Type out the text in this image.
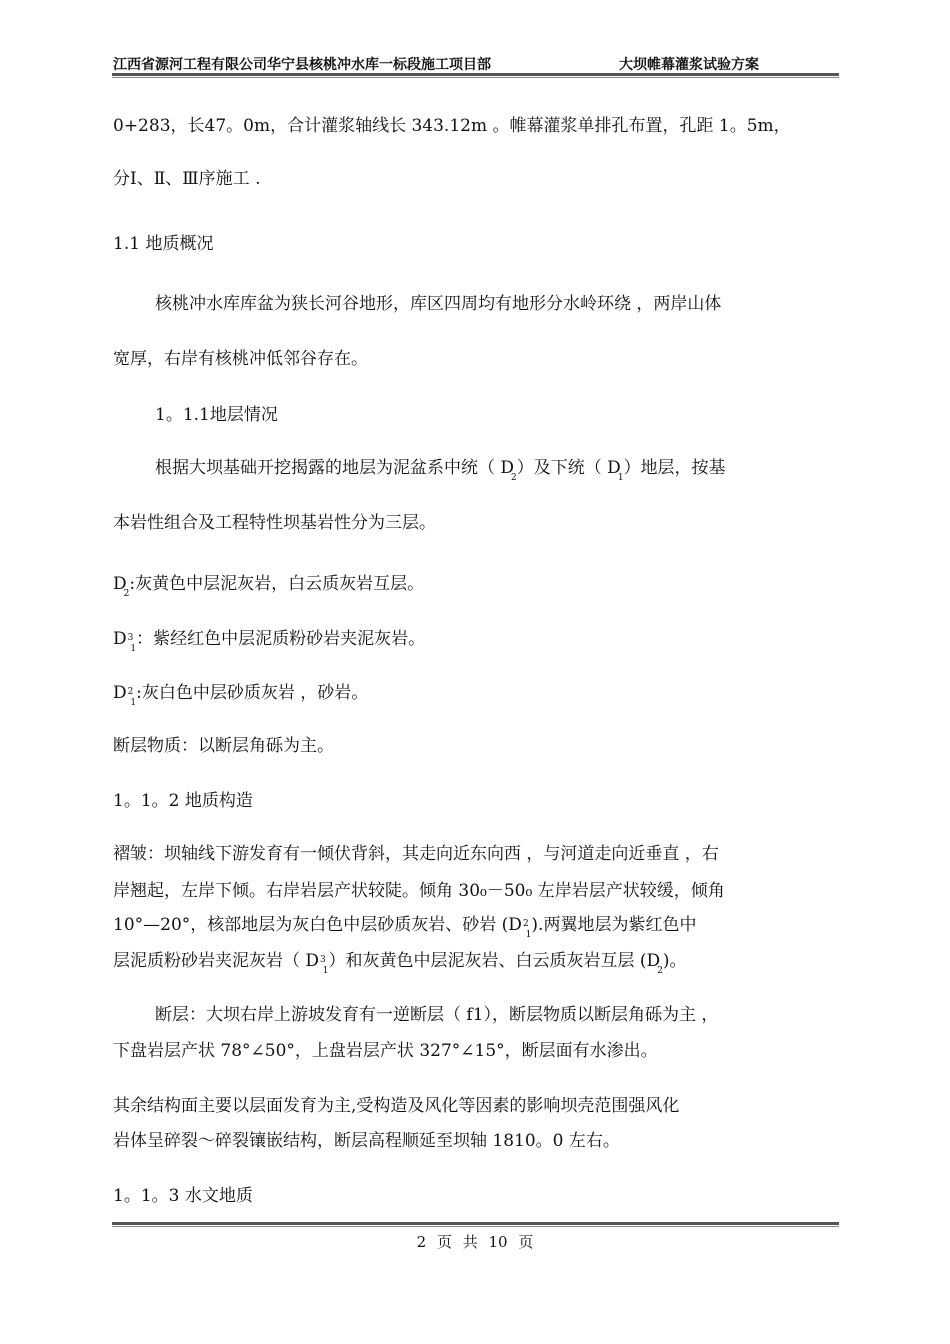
江西省源河工程有限公司华宁县核桃冲水库一标段施工项目部	大坝帷幕灌浆试验方案
0+283，长47。0m，合计灌浆轴线长 343.12m 。帷幕灌浆单排孔布置，孔距 1。5m，
分Ⅰ、Ⅱ、Ⅲ序施工 .
1.1 地质概况
核桃冲水库库盆为狭长河谷地形，库区四周均有地形分水岭环绕 ，两岸山体
宽厚，右岸有核桃冲低邻谷存在。
1。1.1地层情况
根据大坝基础开挖揭露的地层为泥盆系中统（ $D_2$）及下统（ $D_1$）地层，按基
本岩性组合及工程特性坝基岩性分为三层。
$D_2$:灰黄色中层泥灰岩，白云质灰岩互层。
$D^3_1$：紫经红色中层泥质粉砂岩夹泥灰岩。
$D^2_1$:灰白色中层砂质灰岩 ，砂岩。
断层物质：以断层角砾为主。
1。1。2 地质构造
褶皱：坝轴线下游发育有一倾伏背斜，其走向近东向西 ，与河道走向近垂直 ，右
岸翘起，左岸下倾。右岸岩层产状较陡。倾角 30₀－50₀ 左岸岩层产状较缓，倾角
10°—20°，核部地层为灰白色中层砂质灰岩、砂岩 $(D^2_1)$.两翼地层为紫红色中
层泥质粉砂岩夹泥灰岩（ $D^3_1$）和灰黄色中层泥灰岩、白云质灰岩互层 $(D_2)$。
断层：大坝右岸上游坡发育有一逆断层（ f1），断层物质以断层角砾为主 ，
下盘岩层产状 78°∠50°，上盘岩层产状 327°∠15°，断层面有水渗出。
其余结构面主要以层面发育为主,受构造及风化等因素的影响坝壳范围强风化
岩体呈碎裂～碎裂镶嵌结构，断层高程顺延至坝轴 1810。0 左右。
1。1。3 水文地质
2 页 共 10 页
